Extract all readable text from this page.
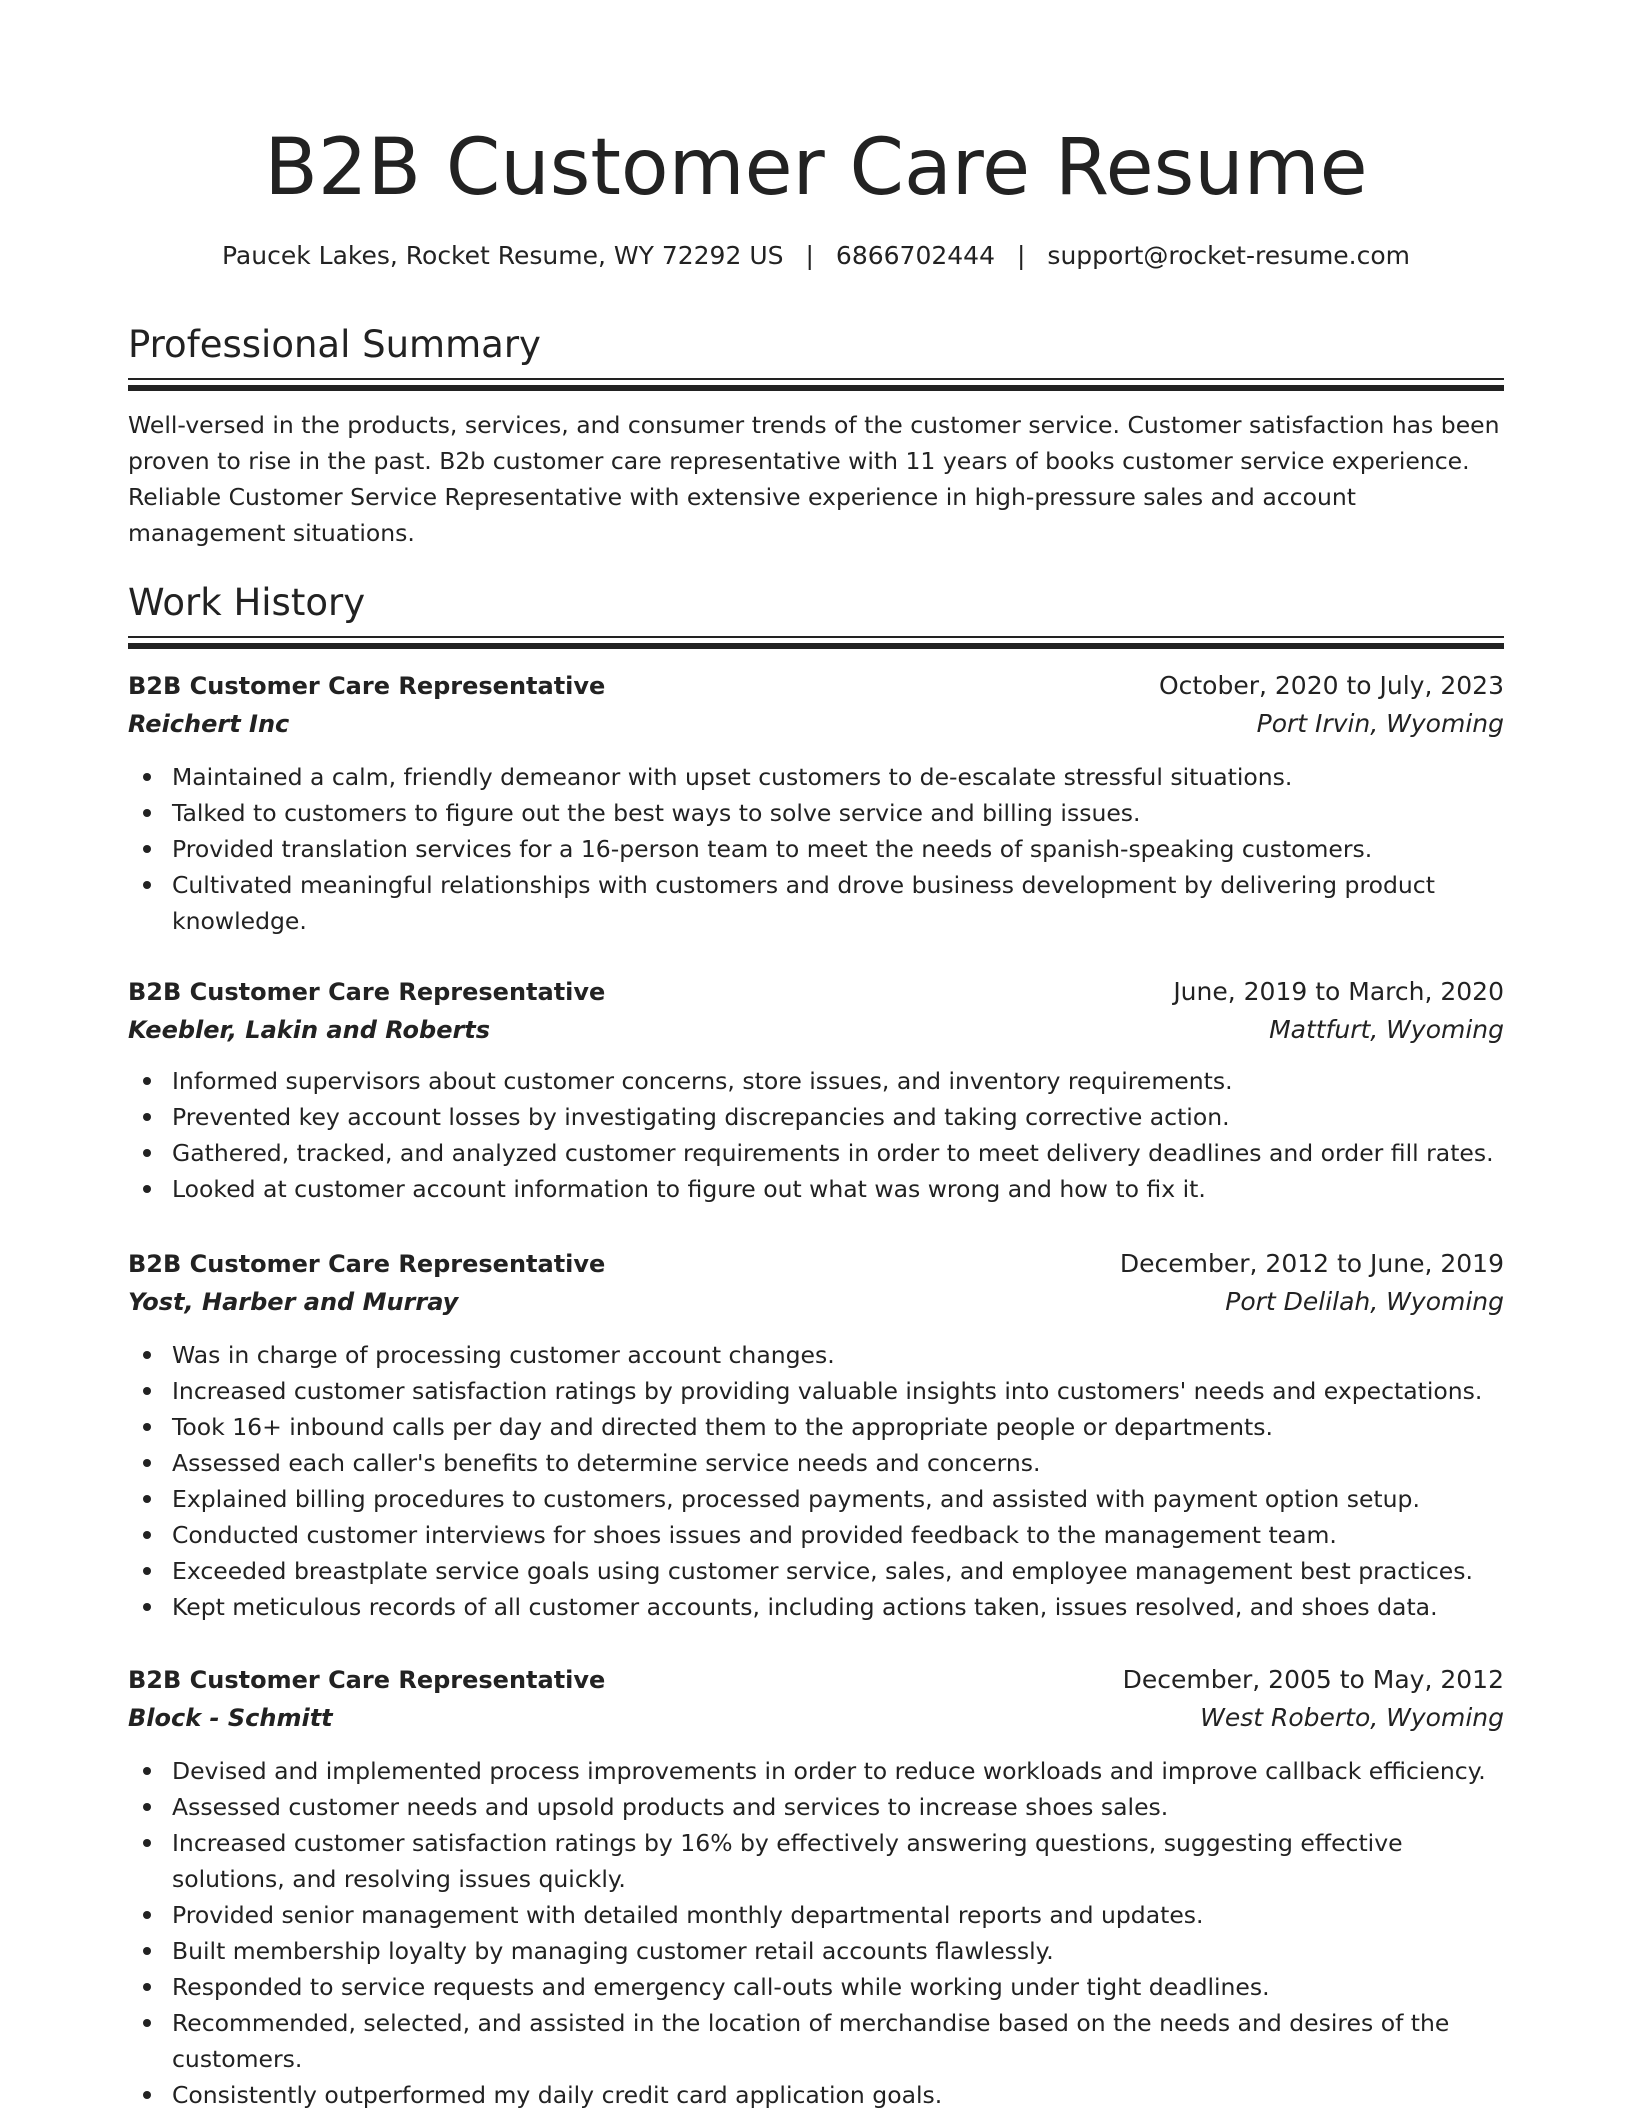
B2B Customer Care Resume
Paucek Lakes, Rocket Resume, WY 72292 US | 6866702444 | support@rocket-resume.com
Professional Summary

Well-versed in the products, services, and consumer trends of the customer service. Customer satisfaction has been proven to rise in the past. B2b customer care representative with 11 years of books customer service experience. Reliable Customer Service Representative with extensive experience in high-pressure sales and account management situations.

Work History
B2B Customer Care Representative	October, 2020 to July, 2023
Reichert Inc	Port Irvin, Wyoming
Maintained a calm, friendly demeanor with upset customers to de-escalate stressful situations.
Talked to customers to figure out the best ways to solve service and billing issues.
Provided translation services for a 16-person team to meet the needs of spanish-speaking customers.
Cultivated meaningful relationships with customers and drove business development by delivering product knowledge.
B2B Customer Care Representative	June, 2019 to March, 2020
Keebler, Lakin and Roberts	Mattfurt, Wyoming
Informed supervisors about customer concerns, store issues, and inventory requirements.
Prevented key account losses by investigating discrepancies and taking corrective action.
Gathered, tracked, and analyzed customer requirements in order to meet delivery deadlines and order fill rates.
Looked at customer account information to figure out what was wrong and how to fix it.
B2B Customer Care Representative	December, 2012 to June, 2019
Yost, Harber and Murray	Port Delilah, Wyoming
Was in charge of processing customer account changes.
Increased customer satisfaction ratings by providing valuable insights into customers' needs and expectations.
Took 16+ inbound calls per day and directed them to the appropriate people or departments.
Assessed each caller's benefits to determine service needs and concerns.
Explained billing procedures to customers, processed payments, and assisted with payment option setup.
Conducted customer interviews for shoes issues and provided feedback to the management team.
Exceeded breastplate service goals using customer service, sales, and employee management best practices.
Kept meticulous records of all customer accounts, including actions taken, issues resolved, and shoes data.
B2B Customer Care Representative	December, 2005 to May, 2012
Block - Schmitt	West Roberto, Wyoming
Devised and implemented process improvements in order to reduce workloads and improve callback efficiency.
Assessed customer needs and upsold products and services to increase shoes sales.
Increased customer satisfaction ratings by 16% by effectively answering questions, suggesting effective solutions, and resolving issues quickly.
Provided senior management with detailed monthly departmental reports and updates.
Built membership loyalty by managing customer retail accounts flawlessly.
Responded to service requests and emergency call-outs while working under tight deadlines.
Recommended, selected, and assisted in the location of merchandise based on the needs and desires of the customers.
Consistently outperformed my daily credit card application goals.
